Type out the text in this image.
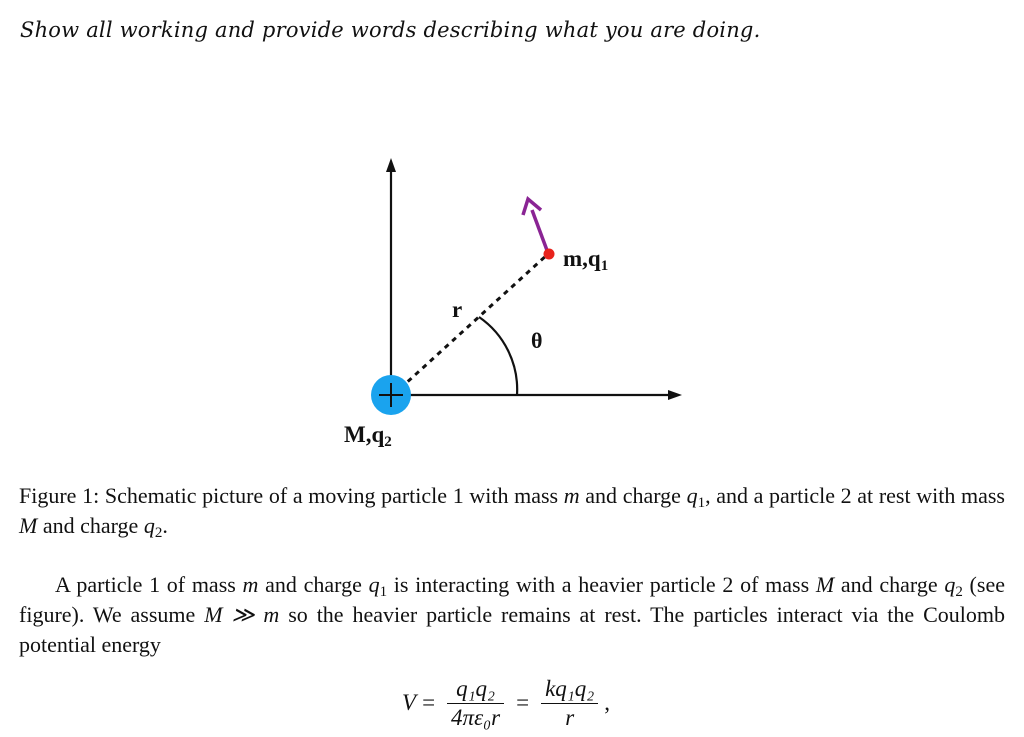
Show all working and provide words describing what you are doing.
m,q1
M,q2
r
θ
Figure 1: Schematic picture of a moving particle 1 with mass m and charge $q_1$, and a particle 2 at rest with mass M and charge $q_2$.
A particle 1 of mass m and charge $q_1$ is interacting with a heavier particle 2 of mass M and charge $q_2$ (see figure). We assume M ≫ m so the heavier particle remains at rest. The particles interact via the Coulomb potential energy
$V = \frac{\text{q₁q₂}}{\text{4πε₀r}} = \frac{\text{kq₁q₂}}{r}$ ,
